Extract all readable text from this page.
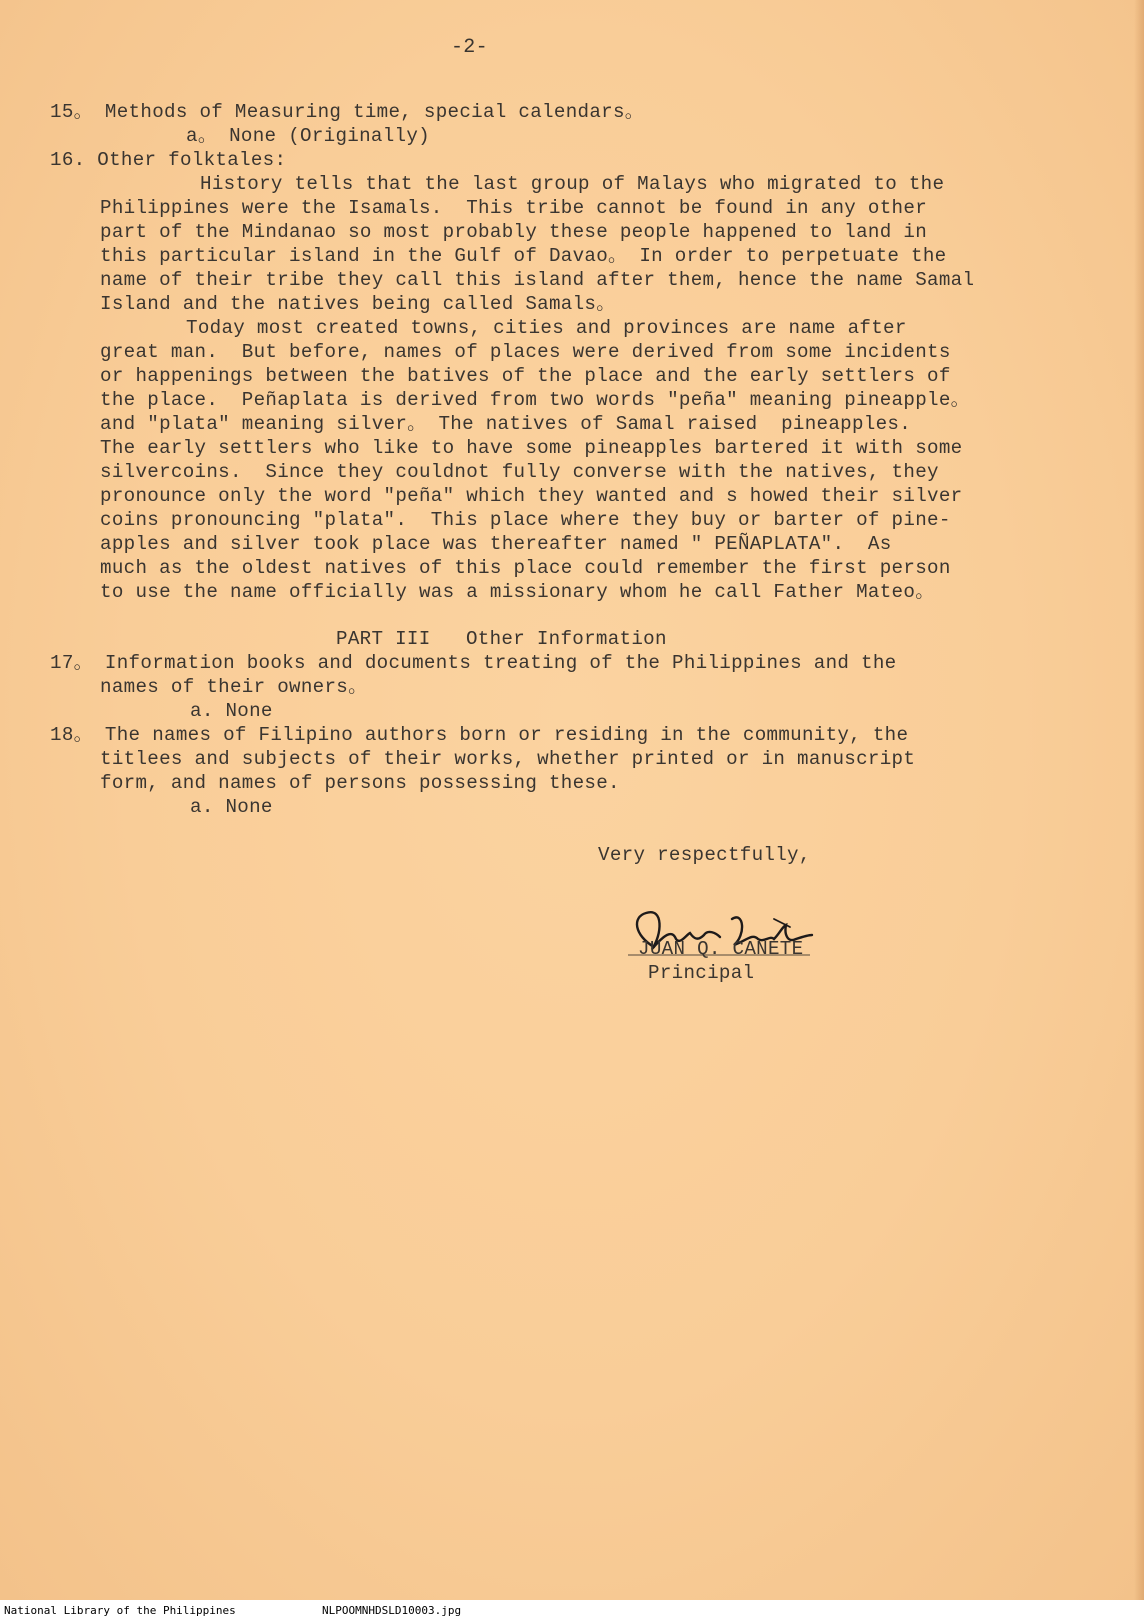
-2-
15。 Methods of Measuring time, special calendars。
a。 None (Originally)
16. Other folktales:
History tells that the last group of Malays who migrated to the
Philippines were the Isamals.  This tribe cannot be found in any other
part of the Mindanao so most probably these people happened to land in
this particular island in the Gulf of Davao。 In order to perpetuate the
name of their tribe they call this island after them, hence the name Samal
Island and the natives being called Samals。
Today most created towns, cities and provinces are name after
great man.  But before, names of places were derived from some incidents
or happenings between the batives of the place and the early settlers of
the place.  Peñaplata is derived from two words "peña" meaning pineapple。
and "plata" meaning silver。 The natives of Samal raised  pineapples.
The early settlers who like to have some pineapples bartered it with some
silvercoins.  Since they couldnot fully converse with the natives, they
pronounce only the word "peña" which they wanted and s howed their silver
coins pronouncing "plata".  This place where they buy or barter of pine-
apples and silver took place was thereafter named " PEÑAPLATA".  As
much as the oldest natives of this place could remember the first person
to use the name officially was a missionary whom he call Father Mateo。
PART III   Other Information
17。 Information books and documents treating of the Philippines and the
names of their owners。
a. None
18。 The names of Filipino authors born or residing in the community, the
titlees and subjects of their works, whether printed or in manuscript
form, and names of persons possessing these.
a. None
Very respectfully,
JUAN Q. CANETE
Principal
National Library of the Philippines	NLPOOMNHDSLD10003.jpg
